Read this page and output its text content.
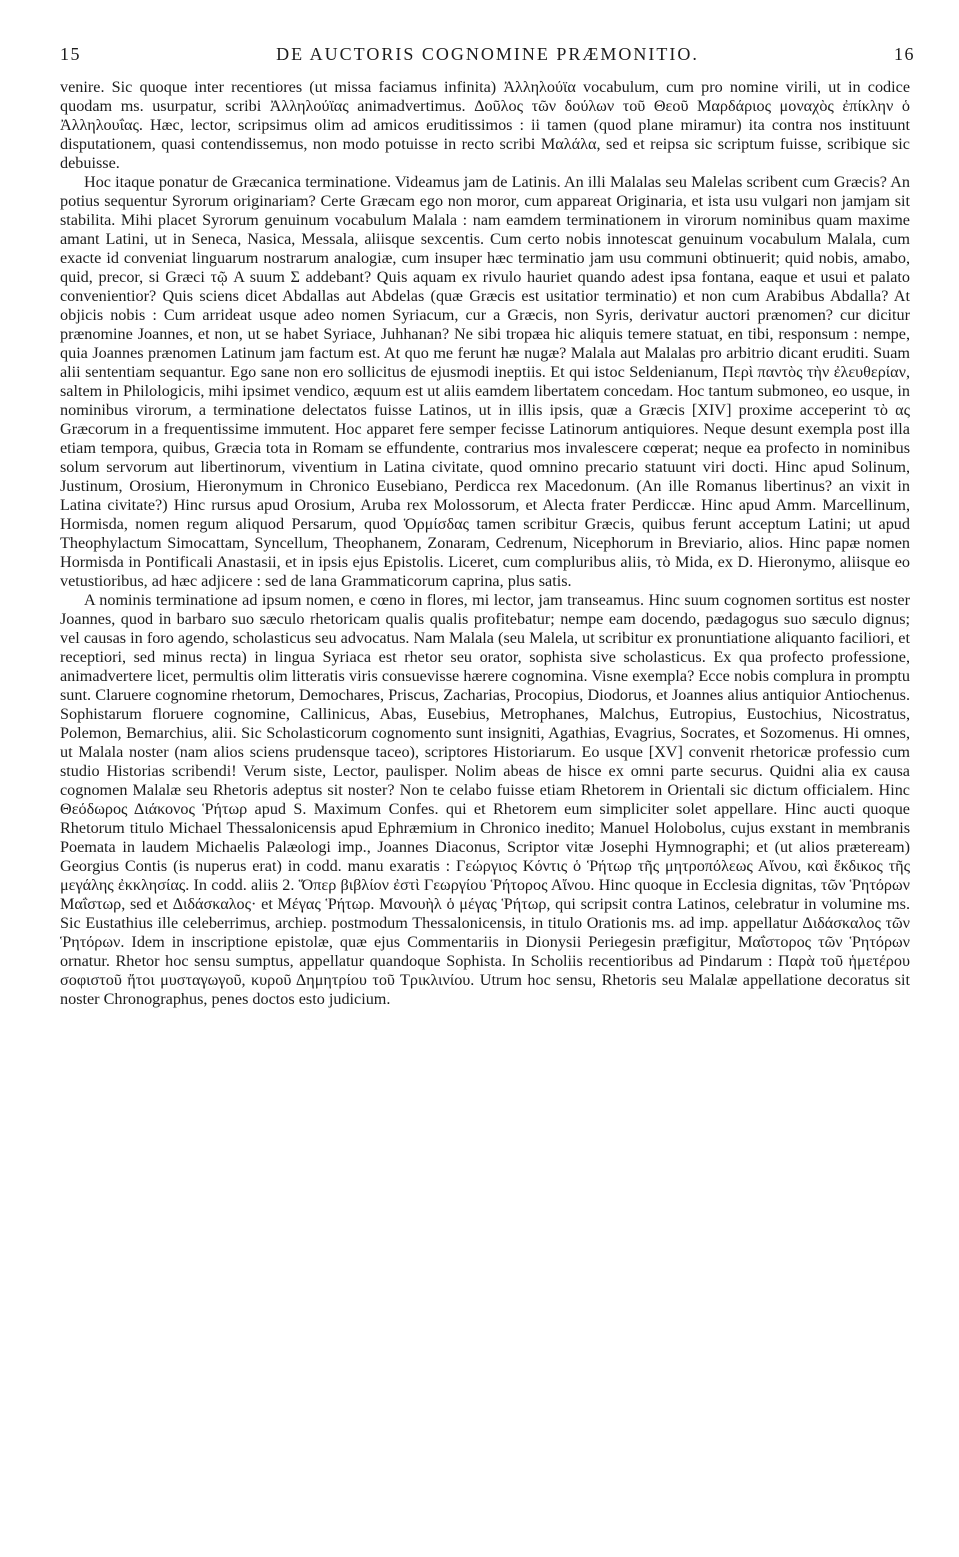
15	DE AUCTORIS COGNOMINE PRÆMONITIO.	16

venire. Sic quoque inter recentiores (ut missa faciamus infinita) Ἀλληλούϊα vocabulum, cum pro nomine virili, ut in codice quodam ms. usurpatur, scribi Ἀλληλούϊας animadvertimus. Δοῦλος τῶν δούλων τοῦ Θεοῦ Μαρδάριος μοναχὸς ἐπίκλην ὁ Ἀλληλουΐας. Hæc, lector, scripsimus olim ad amicos eruditissimos : ii tamen (quod plane miramur) ita contra nos instituunt disputationem, quasi contendissemus, non modo potuisse in recto scribi Μαλάλα, sed et reipsa sic scriptum fuisse, scribique sic debuisse.

Hoc itaque ponatur de Græcanica terminatione. Videamus jam de Latinis. An illi Malalas seu Malelas scribent cum Græcis? An potius sequentur Syrorum originariam? Certe Græcam ego non moror, cum appareat Originaria, et ista usu vulgari non jamjam sit stabilita. Mihi placet Syrorum genuinum vocabulum Malala : nam eamdem terminationem in virorum nominibus quam maxime amant Latini, ut in Seneca, Nasica, Messala, aliisque sexcentis. Cum certo nobis innotescat genuinum vocabulum Malala, cum exacte id conveniat linguarum nostrarum analogiæ, cum insuper hæc terminatio jam usu communi obtinuerit; quid nobis, amabo, quid, precor, si Græci τῷ A suum Σ addebant? Quis aquam ex rivulo hauriet quando adest ipsa fontana, eaque et usui et palato convenientior? Quis sciens dicet Abdallas aut Abdelas (quæ Græcis est usitatior terminatio) et non cum Arabibus Abdalla? At objicis nobis : Cum arrideat usque adeo nomen Syriacum, cur a Græcis, non Syris, derivatur auctori prænomen? cur dicitur prænomine Joannes, et non, ut se habet Syriace, Juhhanan? Ne sibi tropæa hic aliquis temere statuat, en tibi, responsum : nempe, quia Joannes prænomen Latinum jam factum est. At quo me ferunt hæ nugæ? Malala aut Malalas pro arbitrio dicant eruditi. Suam alii sententiam sequantur. Ego sane non ero sollicitus de ejusmodi ineptiis. Et qui istoc Seldenianum, Περὶ παντὸς τὴν ἐλευθερίαν, saltem in Philologicis, mihi ipsimet vendico, æquum est ut aliis eamdem libertatem concedam. Hoc tantum submoneo, eo usque, in nominibus virorum, a terminatione delectatos fuisse Latinos, ut in illis ipsis, quæ a Græcis [XIV] proxime acceperint τὸ ας Græcorum in a frequentissime immutent. Hoc apparet fere semper fecisse Latinorum antiquiores. Neque desunt exempla post illa etiam tempora, quibus, Græcia tota in Romam se effundente, contrarius mos invalescere cœperat; neque ea profecto in nominibus solum servorum aut libertinorum, viventium in Latina civitate, quod omnino precario statuunt viri docti. Hinc apud Solinum, Justinum, Orosium, Hieronymum in Chronico Eusebiano, Perdicca rex Macedonum. (An ille Romanus libertinus? an vixit in Latina civitate?) Hinc rursus apud Orosium, Aruba rex Molossorum, et Alecta frater Perdiccæ. Hinc apud Amm. Marcellinum, Hormisda, nomen regum aliquod Persarum, quod Ὁρμίσδας tamen scribitur Græcis, quibus ferunt acceptum Latini; ut apud Theophylactum Simocattam, Syncellum, Theophanem, Zonaram, Cedrenum, Nicephorum in Breviario, alios. Hinc papæ nomen Hormisda in Pontificali Anastasii, et in ipsis ejus Epistolis. Liceret, cum compluribus aliis, τὸ Mida, ex D. Hieronymo, aliisque eo vetustioribus, ad hæc adjicere : sed de lana Grammaticorum caprina, plus satis.

A nominis terminatione ad ipsum nomen, e cœno in flores, mi lector, jam transeamus. Hinc suum cognomen sortitus est noster Joannes, quod in barbaro suo sæculo rhetoricam qualis qualis profitebatur; nempe eam docendo, pædagogus suo sæculo dignus; vel causas in foro agendo, scholasticus seu advocatus. Nam Malala (seu Malela, ut scribitur ex pronuntiatione aliquanto faciliori, et receptiori, sed minus recta) in lingua Syriaca est rhetor seu orator, sophista sive scholasticus. Ex qua profecto professione, animadvertere licet, permultis olim litteratis viris consuevisse hærere cognomina. Visne exempla? Ecce nobis complura in promptu sunt. Claruere cognomine rhetorum, Demochares, Priscus, Zacharias, Procopius, Diodorus, et Joannes alius antiquior Antiochenus. Sophistarum floruere cognomine, Callinicus, Abas, Eusebius, Metrophanes, Malchus, Eutropius, Eustochius, Nicostratus, Polemon, Bemarchius, alii. Sic Scholasticorum cognomento sunt insigniti, Agathias, Evagrius, Socrates, et Sozomenus. Hi omnes, ut Malala noster (nam alios sciens prudensque taceo), scriptores Historiarum. Eo usque [XV] convenit rhetoricæ professio cum studio Historias scribendi! Verum siste, Lector, paulisper. Nolim abeas de hisce ex omni parte securus. Quidni alia ex causa cognomen Malalæ seu Rhetoris adeptus sit noster? Non te celabo fuisse etiam Rhetorem in Orientali sic dictum officialem. Hinc Θεόδωρος Διάκονος Ῥήτωρ apud S. Maximum Confes. qui et Rhetorem eum simpliciter solet appellare. Hinc aucti quoque Rhetorum titulo Michael Thessalonicensis apud Ephræmium in Chronico inedito; Manuel Holobolus, cujus exstant in membranis Poemata in laudem Michaelis Palæologi imp., Joannes Diaconus, Scriptor vitæ Josephi Hymnographi; et (ut alios præteream) Georgius Contis (is nuperus erat) in codd. manu exaratis : Γεώργιος Κόντις ὁ Ῥήτωρ τῆς μητροπόλεως Αἴνου, καὶ ἔκδικος τῆς μεγάλης ἐκκλησίας. In codd. aliis 2. Ὅπερ βιβλίον ἐστὶ Γεωργίου Ῥήτορος Αἴνου. Hinc quoque in Ecclesia dignitas, τῶν Ῥητόρων Μαΐστωρ, sed et Διδάσκαλος· et Μέγας Ῥήτωρ. Μανουὴλ ὁ μέγας Ῥήτωρ, qui scripsit contra Latinos, celebratur in volumine ms. Sic Eustathius ille celeberrimus, archiep. postmodum Thessalonicensis, in titulo Orationis ms. ad imp. appellatur Διδάσκαλος τῶν Ῥητόρων. Idem in inscriptione epistolæ, quæ ejus Commentariis in Dionysii Periegesin præfigitur, Μαΐστορος τῶν Ῥητόρων ornatur. Rhetor hoc sensu sumptus, appellatur quandoque Sophista. In Scholiis recentioribus ad Pindarum : Παρὰ τοῦ ἡμετέρου σοφιστοῦ ἤτοι μυσταγωγοῦ, κυροῦ Δημητρίου τοῦ Τρικλινίου. Utrum hoc sensu, Rhetoris seu Malalæ appellatione decoratus sit noster Chronographus, penes doctos esto judicium.
